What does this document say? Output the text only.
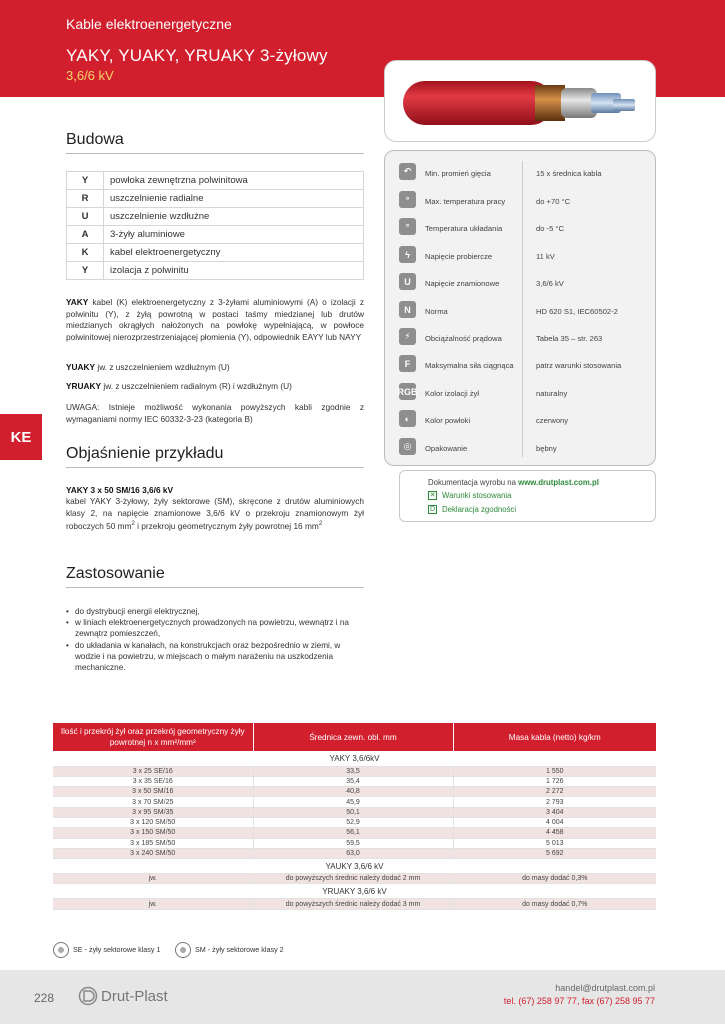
Kable elektroenergetyczne
YAKY, YUAKY, YRUAKY 3-żyłowy
3,6/6 kV
Budowa
Y	powłoka zewnętrzna polwinitowa
R	uszczelnienie radialne
U	uszczelnienie wzdłużne
A	3-żyły aluminiowe
K	kabel elektroenergetyczny
Y	izolacja z polwinitu
YAKY kabel (K) elektroenergetyczny z 3-żyłami aluminiowymi (A) o izolacji z polwinitu (Y), z żyłą powrotną w postaci taśmy miedzianej lub drutów miedzianych okrągłych nałożonych na powłokę wypełniającą, w powłoce polwinitowej nierozprzestrzeniającej płomienia (Y), odpowiednik EAYY lub NAYY
YUAKY jw. z uszczelnieniem wzdłużnym (U)
YRUAKY jw. z uszczelnieniem radialnym (R) i wzdłużnym (U)
UWAGA: Istnieje możliwość wykonania powyższych kabli zgodnie z wymaganiami normy IEC 60332-3-23 (kategoria B)
KE
Objaśnienie przykładu
YAKY 3 x 50 SM/16 3,6/6 kV
kabel YAKY 3-żyłowy, żyły sektorowe (SM), skręcone z drutów aluminiowych klasy 2, na napięcie znamionowe 3,6/6 kV o przekroju znamionowym żył roboczych 50 $mm^2$ i przekroju geometrycznym żyły powrotnej 16 $mm^2$
Zastosowanie
• do dystrybucji energii elektrycznej,
• w liniach elektroenergetycznych prowadzonych na powietrzu, wewnątrz i na zewnątrz pomieszczeń,
• do układania w kanałach, na konstrukcjach oraz bezpośrednio w ziemi, w wodzie i na powietrzu, w miejscach o małym narażeniu na uszkodzenia mechaniczne.
↶	Min. promień gięcia	15 x średnica kabla
°	Max. temperatura pracy	do +70 °C
°	Temperatura układania	do -5 °C
ϟ	Napięcie probiercze	11 kV
U	Napięcie znamionowe	3,6/6 kV
N	Norma	HD 620 S1, IEC60502-2
⚡	Obciążalność prądowa	Tabela 35 – str. 263
F	Maksymalna siła ciągnąca	patrz warunki stosowania
RGB Kolor izolacji żył	naturalny
◐	Kolor powłoki	czerwony
◎	Opakowanie	bębny
Dokumentacja wyrobu na www.drutplast.com.pl
✕ Warunki stosowania
D Deklaracja zgodności
Ilość i przekrój żył oraz przekrój geometryczny żyły powrotnej n x mm²/mm²	Średnica zewn. obl. mm	Masa kabla (netto) kg/km
YAKY 3,6/6kV		
3 x 25 SE/16	33,5	1 550
3 x 35 SE/16	35,4	1 726
3 x 50 SM/16	40,8	2 272
3 x 70 SM/25	45,9	2 793
3 x 95 SM/35	50,1	3 404
3 x 120 SM/50	52,9	4 004
3 x 150 SM/50	56,1	4 458
3 x 185 SM/50	59,5	5 013
3 x 240 SM/50	63,0	5 692
YAUKY 3,6/6 kV		
jw.	do powyższych średnic należy dodać 2 mm	do masy dodać 0,3%
YRUAKY 3,6/6 kV		
jw.	do powyższych średnic należy dodać 3 mm	do masy dodać 0,7%
SE - żyły sektorowe klasy 1	SM - żyły sektorowe klasy 2
228	Drut-Plast	handel@drutplast.com.pl
tel. (67) 258 97 77, fax (67) 258 95 77
